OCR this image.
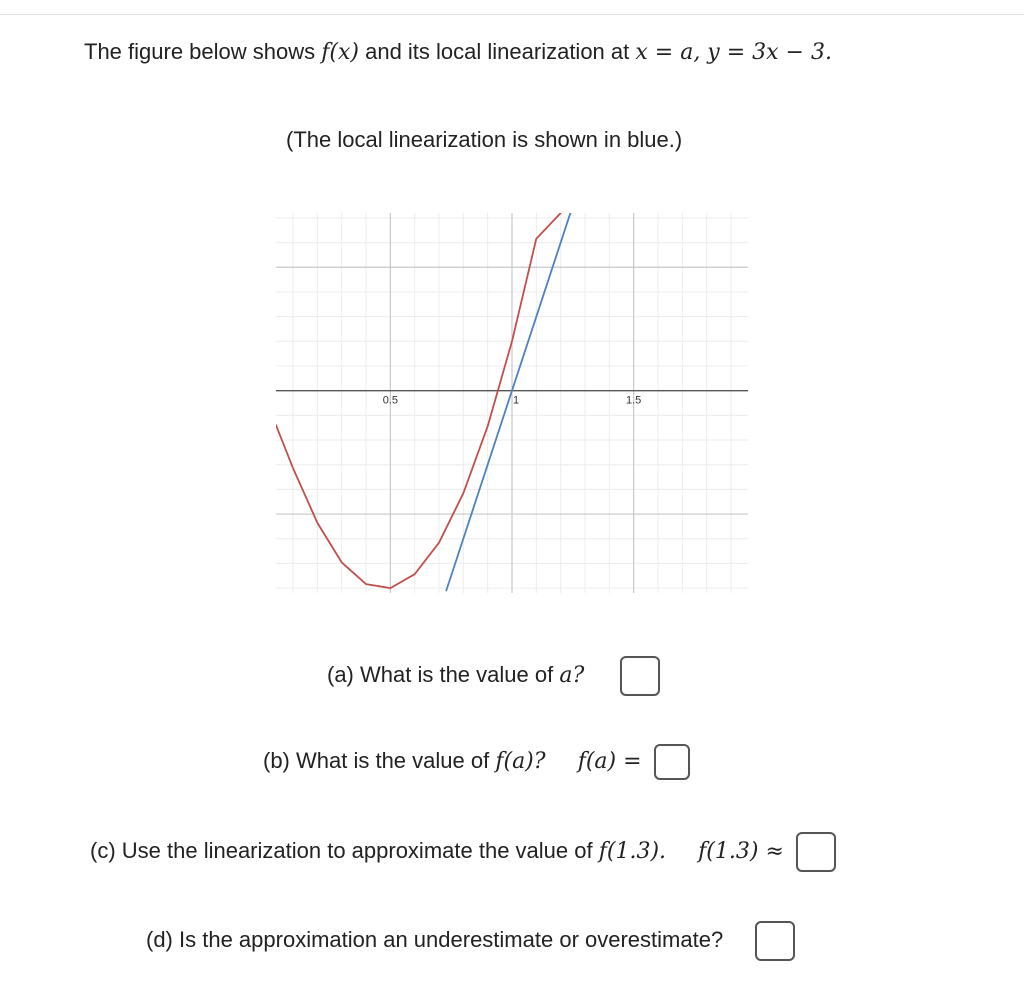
The figure below shows f(x) and its local linearization at x = a, y = 3x − 3.
(The local linearization is shown in blue.)
0.5	1	1.5
(a) What is the value of a?
(b) What is the value of f(a)? f(a) =
(c) Use the linearization to approximate the value of f(1.3). f(1.3) ≈
(d) Is the approximation an underestimate or overestimate?
